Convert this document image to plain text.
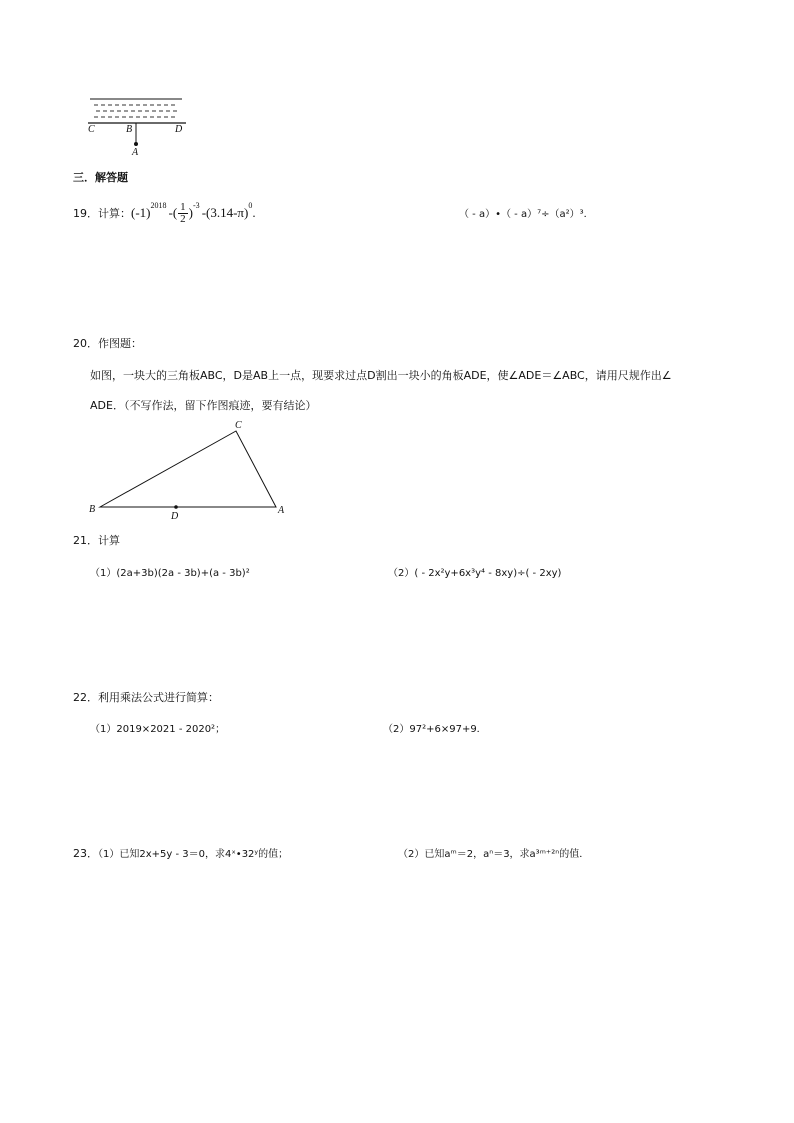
C	B	D
A
三．解答题
19． 计算： $(-1)^{2018}$ -( $\frac{1}{2} )^{-3}$ $-(3.14-\pi)^0$ .	（ - a）•（ - a）⁷÷（a²）³．
20．作图题：
如图，一块大的三角板ABC，D是AB上一点，现要求过点D割出一块小的角板ADE，使∠ADE＝∠ABC，请用尺规作出∠
ADE．（不写作法，留下作图痕迹，要有结论）
C
B
D
A
21．计算
（1）(2a+3b)(2a - 3b)+(a - 3b)²	（2）( - 2x²y+6x³y⁴ - 8xy)÷( - 2xy)
22．利用乘法公式进行简算：
（1）2019×2021 - 2020²；	（2）97²+6×97+9．
23．（1）已知2x+5y - 3＝0，求4ˣ•32ʸ的值；	（2）已知aᵐ＝2，aⁿ＝3，求a³ᵐ⁺²ⁿ的值．
